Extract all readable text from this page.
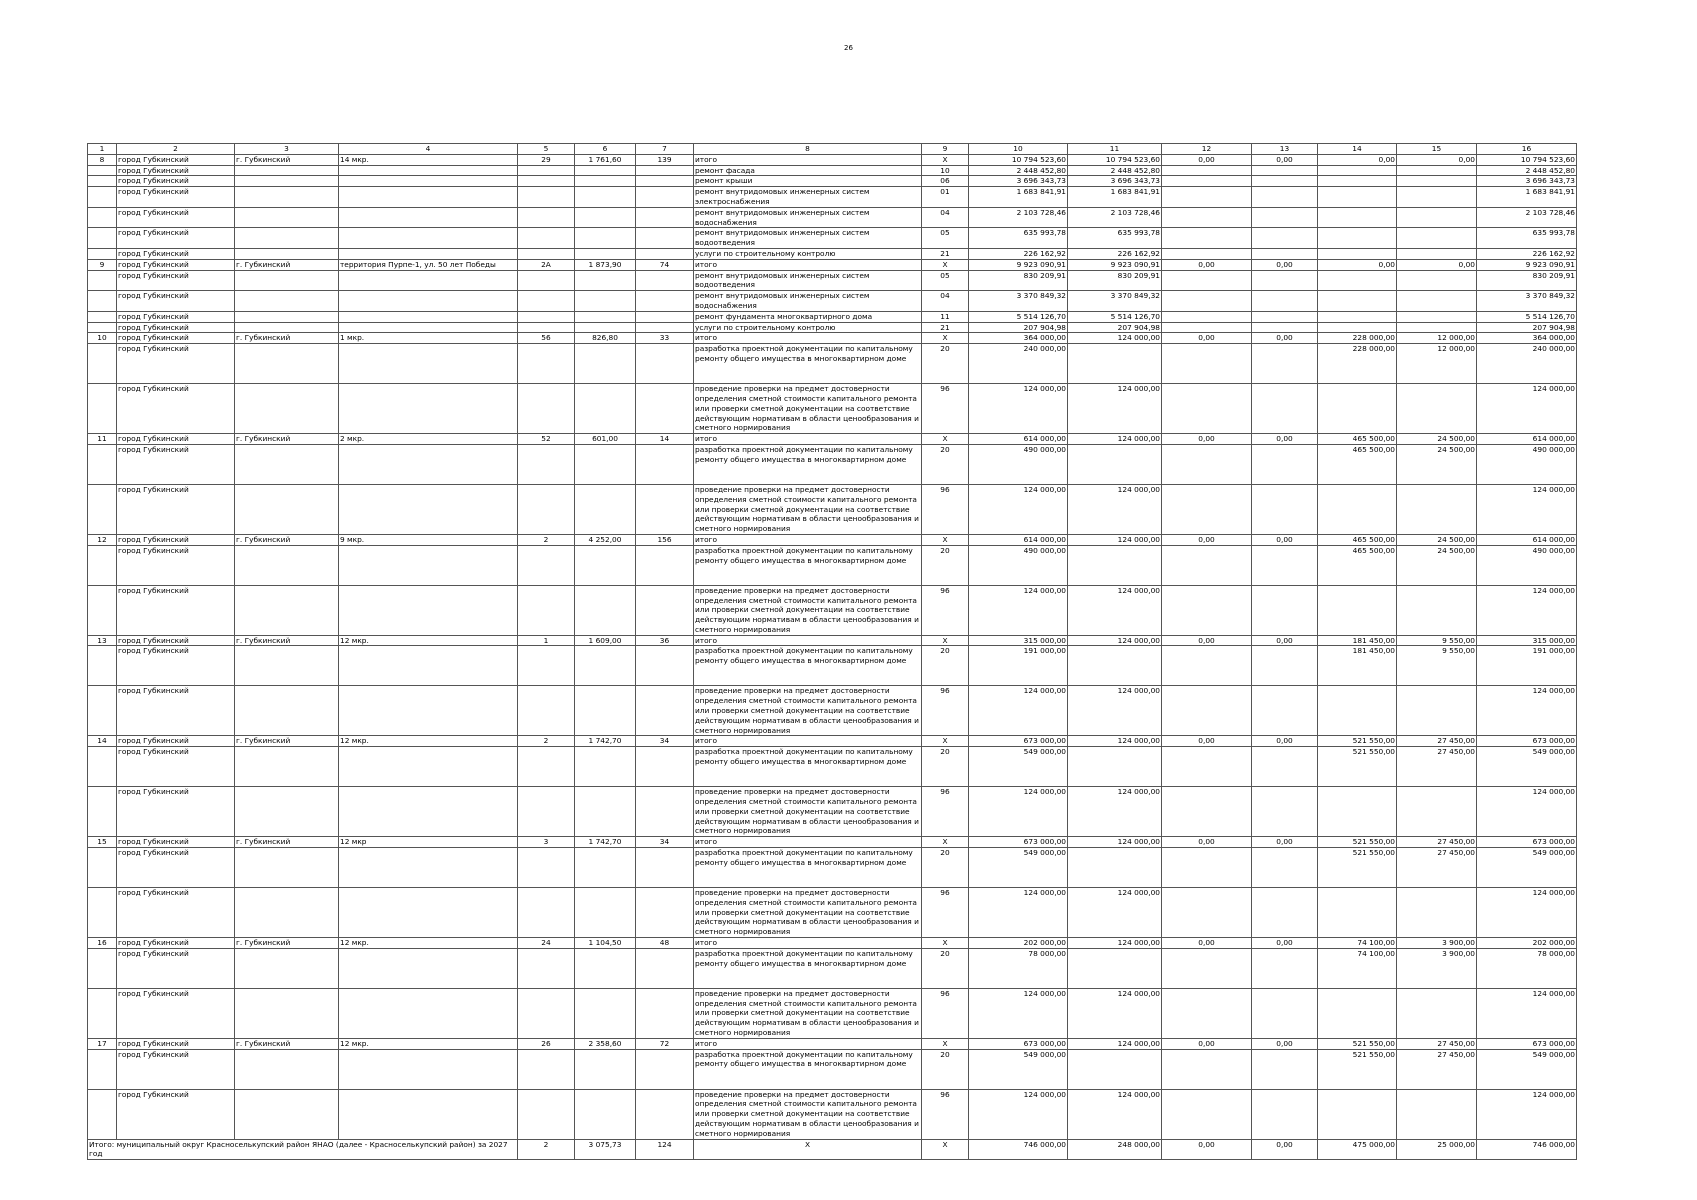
26
1	2	3	4	5	6	7	8	9	10	11	12	13	14	15	16
8	город Губкинский	г. Губкинский	14 мкр.	29	1 761,60	139	итого	Х	10 794 523,60	10 794 523,60	0,00	0,00	0,00	0,00	10 794 523,60
	город Губкинский						ремонт фасада	10	2 448 452,80	2 448 452,80					2 448 452,80
	город Губкинский						ремонт крыши	06	3 696 343,73	3 696 343,73					3 696 343,73
	город Губкинский						ремонт внутридомовых инженерных систем электроснабжения	01	1 683 841,91	1 683 841,91					1 683 841,91
	город Губкинский						ремонт внутридомовых инженерных систем водоснабжения	04	2 103 728,46	2 103 728,46					2 103 728,46
	город Губкинский						ремонт внутридомовых инженерных систем водоотведения	05	635 993,78	635 993,78					635 993,78
	город Губкинский						услуги по строительному контролю	21	226 162,92	226 162,92					226 162,92
9	город Губкинский	г. Губкинский	территория Пурпе-1, ул. 50 лет Победы	2А	1 873,90	74	итого	Х	9 923 090,91	9 923 090,91	0,00	0,00	0,00	0,00	9 923 090,91
	город Губкинский						ремонт внутридомовых инженерных систем водоотведения	05	830 209,91	830 209,91					830 209,91
	город Губкинский						ремонт внутридомовых инженерных систем водоснабжения	04	3 370 849,32	3 370 849,32					3 370 849,32
	город Губкинский						ремонт фундамента многоквартирного дома	11	5 514 126,70	5 514 126,70					5 514 126,70
	город Губкинский						услуги по строительному контролю	21	207 904,98	207 904,98					207 904,98
10	город Губкинский	г. Губкинский	1 мкр.	56	826,80	33	итого	Х	364 000,00	124 000,00	0,00	0,00	228 000,00	12 000,00	364 000,00
	город Губкинский						разработка проектной документации по капитальному ремонту общего имущества в многоквартирном доме	20	240 000,00				228 000,00	12 000,00	240 000,00
	город Губкинский						проведение проверки на предмет достоверности определения сметной стоимости капитального ремонта или проверки сметной документации на соответствие действующим нормативам в области ценообразования и сметного нормирования	96	124 000,00	124 000,00					124 000,00
11	город Губкинский	г. Губкинский	2 мкр.	52	601,00	14	итого	Х	614 000,00	124 000,00	0,00	0,00	465 500,00	24 500,00	614 000,00
	город Губкинский						разработка проектной документации по капитальному ремонту общего имущества в многоквартирном доме	20	490 000,00				465 500,00	24 500,00	490 000,00
	город Губкинский						проведение проверки на предмет достоверности определения сметной стоимости капитального ремонта или проверки сметной документации на соответствие действующим нормативам в области ценообразования и сметного нормирования	96	124 000,00	124 000,00					124 000,00
12	город Губкинский	г. Губкинский	9 мкр.	2	4 252,00	156	итого	Х	614 000,00	124 000,00	0,00	0,00	465 500,00	24 500,00	614 000,00
	город Губкинский						разработка проектной документации по капитальному ремонту общего имущества в многоквартирном доме	20	490 000,00				465 500,00	24 500,00	490 000,00
	город Губкинский						проведение проверки на предмет достоверности определения сметной стоимости капитального ремонта или проверки сметной документации на соответствие действующим нормативам в области ценообразования и сметного нормирования	96	124 000,00	124 000,00					124 000,00
13	город Губкинский	г. Губкинский	12 мкр.	1	1 609,00	36	итого	Х	315 000,00	124 000,00	0,00	0,00	181 450,00	9 550,00	315 000,00
	город Губкинский						разработка проектной документации по капитальному ремонту общего имущества в многоквартирном доме	20	191 000,00				181 450,00	9 550,00	191 000,00
	город Губкинский						проведение проверки на предмет достоверности определения сметной стоимости капитального ремонта или проверки сметной документации на соответствие действующим нормативам в области ценообразования и сметного нормирования	96	124 000,00	124 000,00					124 000,00
14	город Губкинский	г. Губкинский	12 мкр.	2	1 742,70	34	итого	Х	673 000,00	124 000,00	0,00	0,00	521 550,00	27 450,00	673 000,00
	город Губкинский						разработка проектной документации по капитальному ремонту общего имущества в многоквартирном доме	20	549 000,00				521 550,00	27 450,00	549 000,00
	город Губкинский						проведение проверки на предмет достоверности определения сметной стоимости капитального ремонта или проверки сметной документации на соответствие действующим нормативам в области ценообразования и сметного нормирования	96	124 000,00	124 000,00					124 000,00
15	город Губкинский	г. Губкинский	12 мкр	3	1 742,70	34	итого	Х	673 000,00	124 000,00	0,00	0,00	521 550,00	27 450,00	673 000,00
	город Губкинский						разработка проектной документации по капитальному ремонту общего имущества в многоквартирном доме	20	549 000,00				521 550,00	27 450,00	549 000,00
	город Губкинский						проведение проверки на предмет достоверности определения сметной стоимости капитального ремонта или проверки сметной документации на соответствие действующим нормативам в области ценообразования и сметного нормирования	96	124 000,00	124 000,00					124 000,00
16	город Губкинский	г. Губкинский	12 мкр.	24	1 104,50	48	итого	Х	202 000,00	124 000,00	0,00	0,00	74 100,00	3 900,00	202 000,00
	город Губкинский						разработка проектной документации по капитальному ремонту общего имущества в многоквартирном доме	20	78 000,00				74 100,00	3 900,00	78 000,00
	город Губкинский						проведение проверки на предмет достоверности определения сметной стоимости капитального ремонта или проверки сметной документации на соответствие действующим нормативам в области ценообразования и сметного нормирования	96	124 000,00	124 000,00					124 000,00
17	город Губкинский	г. Губкинский	12 мкр.	26	2 358,60	72	итого	Х	673 000,00	124 000,00	0,00	0,00	521 550,00	27 450,00	673 000,00
	город Губкинский						разработка проектной документации по капитальному ремонту общего имущества в многоквартирном доме	20	549 000,00				521 550,00	27 450,00	549 000,00
	город Губкинский						проведение проверки на предмет достоверности определения сметной стоимости капитального ремонта или проверки сметной документации на соответствие действующим нормативам в области ценообразования и сметного нормирования	96	124 000,00	124 000,00					124 000,00
Итого: муниципальный округ Красноселькупский район ЯНАО (далее - Красноселькупский район) за 2027 год				2	3 075,73	124	Х	Х	746 000,00	248 000,00	0,00	0,00	475 000,00	25 000,00	746 000,00
